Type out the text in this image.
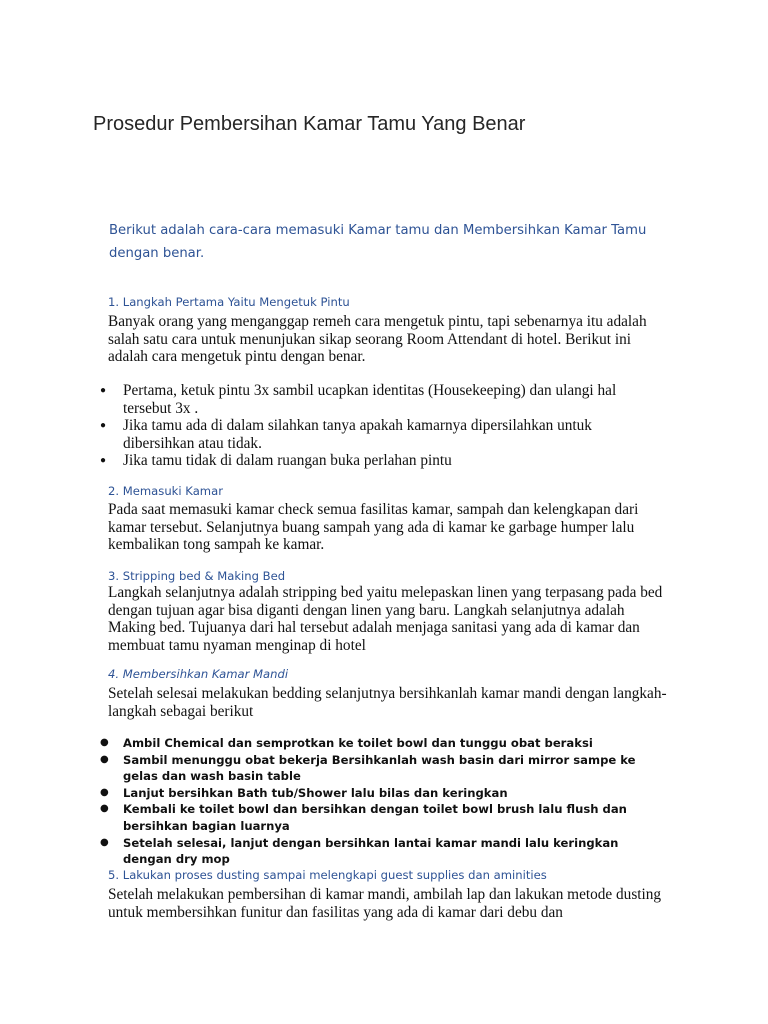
Prosedur Pembersihan Kamar Tamu Yang Benar
Berikut adalah cara-cara memasuki Kamar tamu dan Membersihkan Kamar Tamu dengan benar.
1. Langkah Pertama Yaitu Mengetuk Pintu
Banyak orang yang menganggap remeh cara mengetuk pintu, tapi sebenarnya itu adalah salah satu cara untuk menunjukan sikap seorang Room Attendant di hotel. Berikut ini adalah cara mengetuk pintu dengan benar.
● Pertama, ketuk pintu 3x sambil ucapkan identitas (Housekeeping) dan ulangi hal tersebut 3x .
● Jika tamu ada di dalam silahkan tanya apakah kamarnya dipersilahkan untuk dibersihkan atau tidak.
● Jika tamu tidak di dalam ruangan buka perlahan pintu
2. Memasuki Kamar
Pada saat memasuki kamar check semua fasilitas kamar, sampah dan kelengkapan dari kamar tersebut. Selanjutnya buang sampah yang ada di kamar ke garbage humper lalu kembalikan tong sampah ke kamar.
3. Stripping bed & Making Bed
Langkah selanjutnya adalah stripping bed yaitu melepaskan linen yang terpasang pada bed dengan tujuan agar bisa diganti dengan linen yang baru. Langkah selanjutnya adalah Making bed. Tujuanya dari hal tersebut adalah menjaga sanitasi yang ada di kamar dan membuat tamu nyaman menginap di hotel
4. Membersihkan Kamar Mandi
Setelah selesai melakukan bedding selanjutnya bersihkanlah kamar mandi dengan langkah- langkah sebagai berikut
● Ambil Chemical dan semprotkan ke toilet bowl dan tunggu obat beraksi
● Sambil menunggu obat bekerja Bersihkanlah wash basin dari mirror sampe ke gelas dan wash basin table
● Lanjut bersihkan Bath tub/Shower lalu bilas dan keringkan
● Kembali ke toilet bowl dan bersihkan dengan toilet bowl brush lalu flush dan bersihkan bagian luarnya
● Setelah selesai, lanjut dengan bersihkan lantai kamar mandi lalu keringkan dengan dry mop
5. Lakukan proses dusting sampai melengkapi guest supplies dan aminities
Setelah melakukan pembersihan di kamar mandi, ambilah lap dan lakukan metode dusting untuk membersihkan funitur dan fasilitas yang ada di kamar dari debu dan
